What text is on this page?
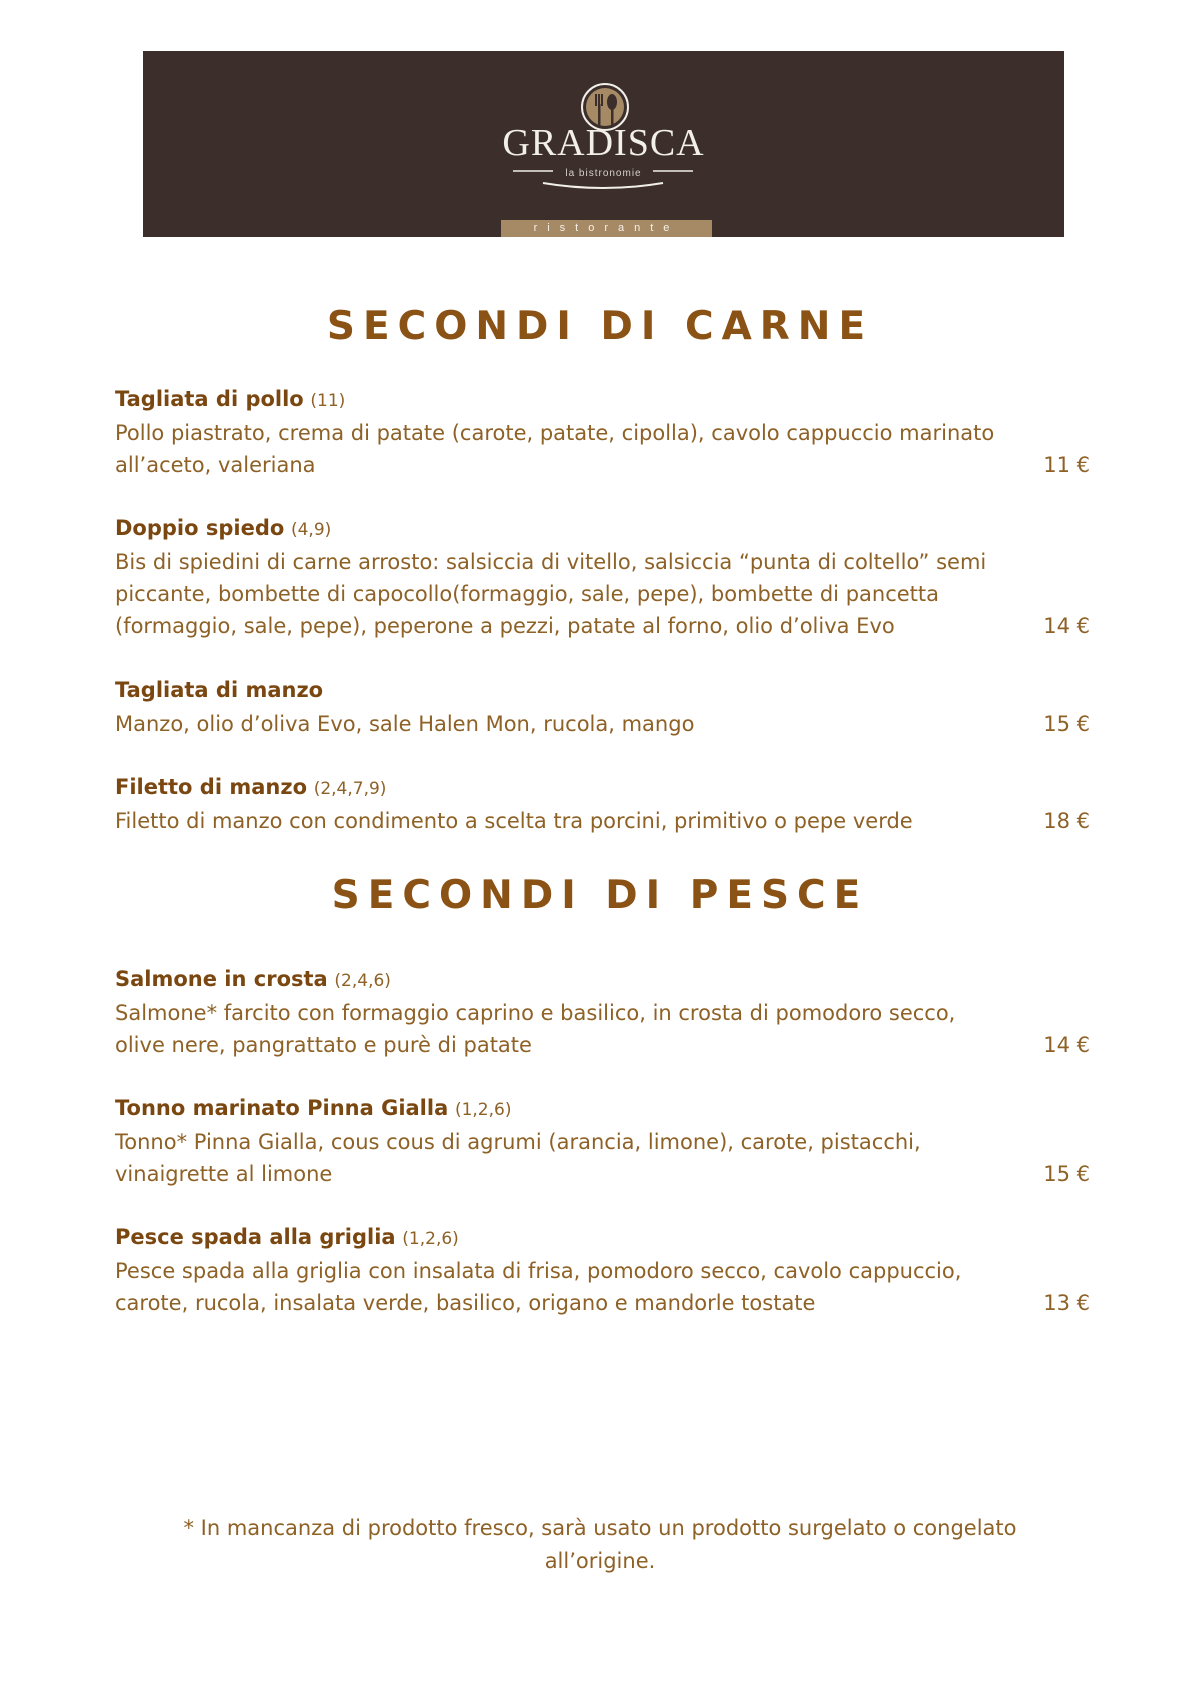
GRADISCA
la bistronomie
ristorante
SECONDI DI CARNE
Tagliata di pollo (11)
Pollo piastrato, crema di patate (carote, patate, cipolla), cavolo cappuccio marinato all’aceto, valeriana	11 €
Doppio spiedo (4,9)
Bis di spiedini di carne arrosto: salsiccia di vitello, salsiccia “punta di coltello” semi piccante, bombette di capocollo(formaggio, sale, pepe), bombette di pancetta (formaggio, sale, pepe), peperone a pezzi, patate al forno, olio d’oliva Evo	14 €
Tagliata di manzo
Manzo, olio d’oliva Evo, sale Halen Mon, rucola, mango	15 €
Filetto di manzo (2,4,7,9)
Filetto di manzo con condimento a scelta tra porcini, primitivo o pepe verde	18 €
SECONDI DI PESCE
Salmone in crosta (2,4,6)
Salmone* farcito con formaggio caprino e basilico, in crosta di pomodoro secco, olive nere, pangrattato e purè di patate	14 €
Tonno marinato Pinna Gialla (1,2,6)
Tonno* Pinna Gialla, cous cous di agrumi (arancia, limone), carote, pistacchi, vinaigrette al limone	15 €
Pesce spada alla griglia (1,2,6)
Pesce spada alla griglia con insalata di frisa, pomodoro secco, cavolo cappuccio, carote, rucola, insalata verde, basilico, origano e mandorle tostate	13 €
* In mancanza di prodotto fresco, sarà usato un prodotto surgelato o congelato
all’origine.
